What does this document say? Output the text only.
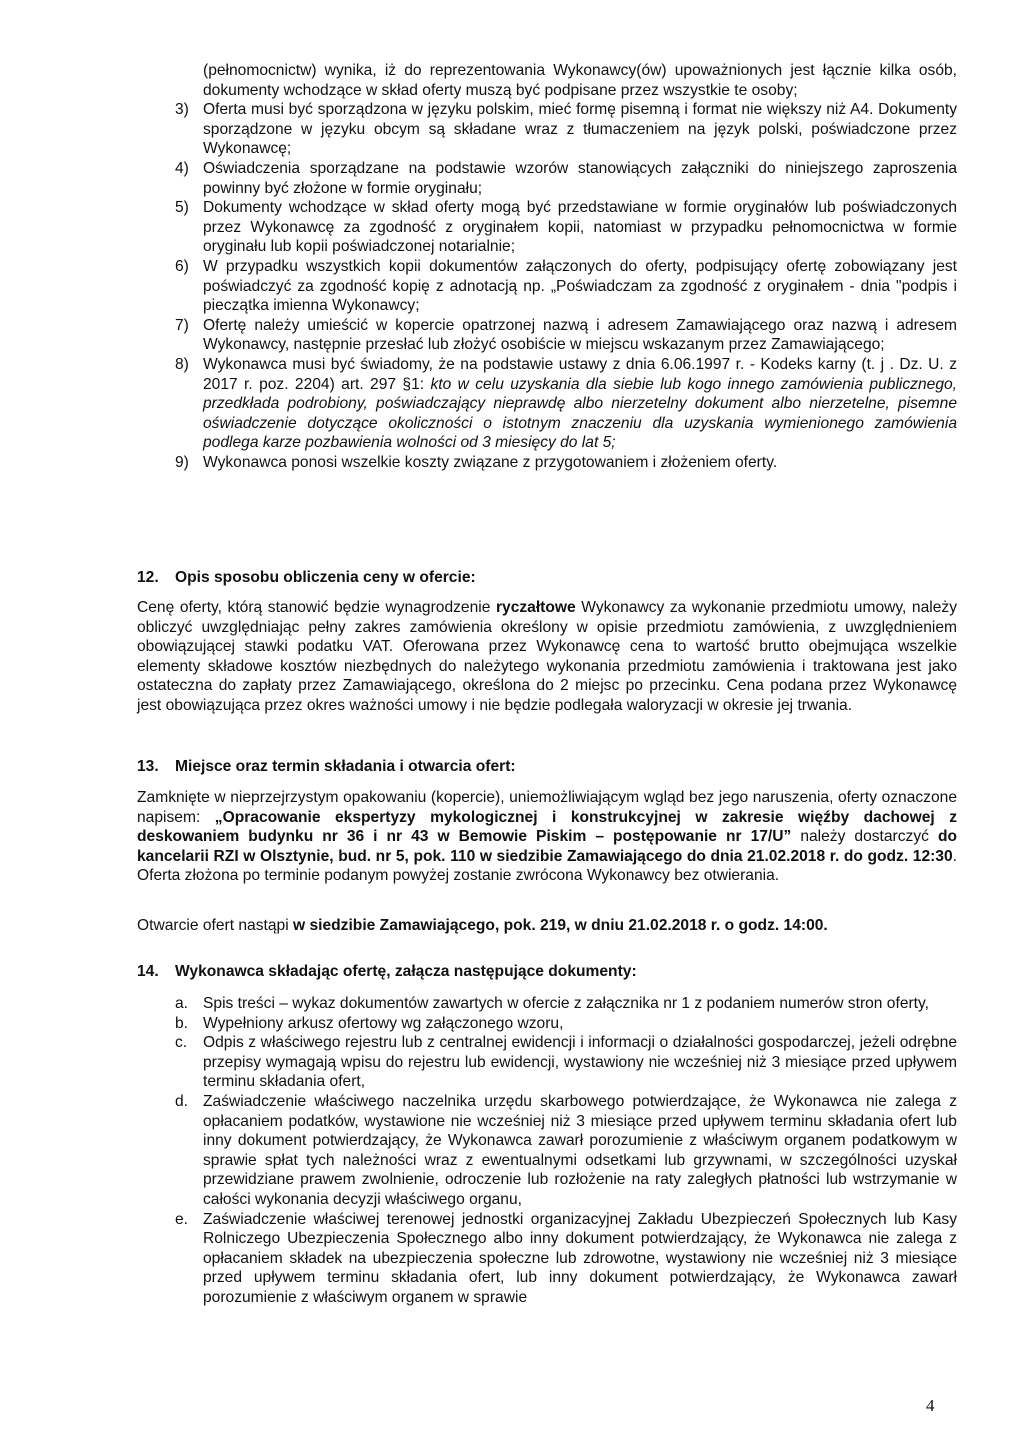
(pełnomocnictw) wynika, iż do reprezentowania Wykonawcy(ów) upoważnionych jest łącznie kilka osób, dokumenty wchodzące w skład oferty muszą być podpisane przez wszystkie te osoby;
3) Oferta musi być sporządzona w języku polskim, mieć formę pisemną i format nie większy niż A4. Dokumenty sporządzone w języku obcym są składane wraz z tłumaczeniem na język polski, poświadczone przez Wykonawcę;
4) Oświadczenia sporządzane na podstawie wzorów stanowiących załączniki do niniejszego zaproszenia powinny być złożone w formie oryginału;
5) Dokumenty wchodzące w skład oferty mogą być przedstawiane w formie oryginałów lub poświadczonych przez Wykonawcę za zgodność z oryginałem kopii, natomiast w przypadku pełnomocnictwa w formie oryginału lub kopii poświadczonej notarialnie;
6) W przypadku wszystkich kopii dokumentów załączonych do oferty, podpisujący ofertę zobowiązany jest poświadczyć za zgodność kopię z adnotacją np. „Poświadczam za zgodność z oryginałem - dnia "podpis i pieczątka imienna Wykonawcy;
7) Ofertę należy umieścić w kopercie opatrzonej nazwą i adresem Zamawiającego oraz nazwą i adresem Wykonawcy, następnie przesłać lub złożyć osobiście w miejscu wskazanym przez Zamawiającego;
8) Wykonawca musi być świadomy, że na podstawie ustawy z dnia 6.06.1997 r. - Kodeks karny (t. j . Dz. U. z 2017 r. poz. 2204) art. 297 §1: kto w celu uzyskania dla siebie lub kogo innego zamówienia publicznego, przedkłada podrobiony, poświadczający nieprawdę albo nierzetelny dokument albo nierzetelne, pisemne oświadczenie dotyczące okoliczności o istotnym znaczeniu dla uzyskania wymienionego zamówienia podlega karze pozbawienia wolności od 3 miesięcy do lat 5;
9) Wykonawca ponosi wszelkie koszty związane z przygotowaniem i złożeniem oferty.
12. Opis sposobu obliczenia ceny w ofercie:
Cenę oferty, którą stanowić będzie wynagrodzenie ryczałtowe Wykonawcy za wykonanie przedmiotu umowy, należy obliczyć uwzględniając pełny zakres zamówienia określony w opisie przedmiotu zamówienia, z uwzględnieniem obowiązującej stawki podatku VAT. Oferowana przez Wykonawcę cena to wartość brutto obejmująca wszelkie elementy składowe kosztów niezbędnych do należytego wykonania przedmiotu zamówienia i traktowana jest jako ostateczna do zapłaty przez Zamawiającego, określona do 2 miejsc po przecinku. Cena podana przez Wykonawcę jest obowiązująca przez okres ważności umowy i nie będzie podlegała waloryzacji w okresie jej trwania.
13. Miejsce oraz termin składania i otwarcia ofert:
Zamknięte w nieprzejrzystym opakowaniu (kopercie), uniemożliwiającym wgląd bez jego naruszenia, oferty oznaczone napisem: „Opracowanie ekspertyzy mykologicznej i konstrukcyjnej w zakresie więźby dachowej z deskowaniem budynku nr 36 i nr 43 w Bemowie Piskim – postępowanie nr 17/U” należy dostarczyć do kancelarii RZI w Olsztynie, bud. nr 5, pok. 110 w siedzibie Zamawiającego do dnia 21.02.2018 r. do godz. 12:30. Oferta złożona po terminie podanym powyżej zostanie zwrócona Wykonawcy bez otwierania.
Otwarcie ofert nastąpi w siedzibie Zamawiającego, pok. 219, w dniu 21.02.2018 r. o godz. 14:00.
14. Wykonawca składając ofertę, załącza następujące dokumenty:
a. Spis treści – wykaz dokumentów zawartych w ofercie z załącznika nr 1 z podaniem numerów stron oferty,
b. Wypełniony arkusz ofertowy wg załączonego wzoru,
c.	Odpis z właściwego rejestru lub z centralnej ewidencji i informacji o działalności gospodarczej, jeżeli odrębne przepisy wymagają wpisu do rejestru lub ewidencji, wystawiony nie wcześniej niż 3 miesiące przed upływem terminu składania ofert,
d. Zaświadczenie właściwego naczelnika urzędu skarbowego potwierdzające, że Wykonawca nie zalega z opłacaniem podatków, wystawione nie wcześniej niż 3 miesiące przed upływem terminu składania ofert lub inny dokument potwierdzający, że Wykonawca zawarł porozumienie z właściwym organem podatkowym w sprawie spłat tych należności wraz z ewentualnymi odsetkami lub grzywnami, w szczególności uzyskał przewidziane prawem zwolnienie, odroczenie lub rozłożenie na raty zaległych płatności lub wstrzymanie w całości wykonania decyzji właściwego organu,
e. Zaświadczenie właściwej terenowej jednostki organizacyjnej Zakładu Ubezpieczeń Społecznych lub Kasy Rolniczego Ubezpieczenia Społecznego albo inny dokument potwierdzający, że Wykonawca nie zalega z opłacaniem składek na ubezpieczenia społeczne lub zdrowotne, wystawiony nie wcześniej niż 3 miesiące przed upływem terminu składania ofert, lub inny dokument potwierdzający, że Wykonawca zawarł porozumienie z właściwym organem w sprawie
4
